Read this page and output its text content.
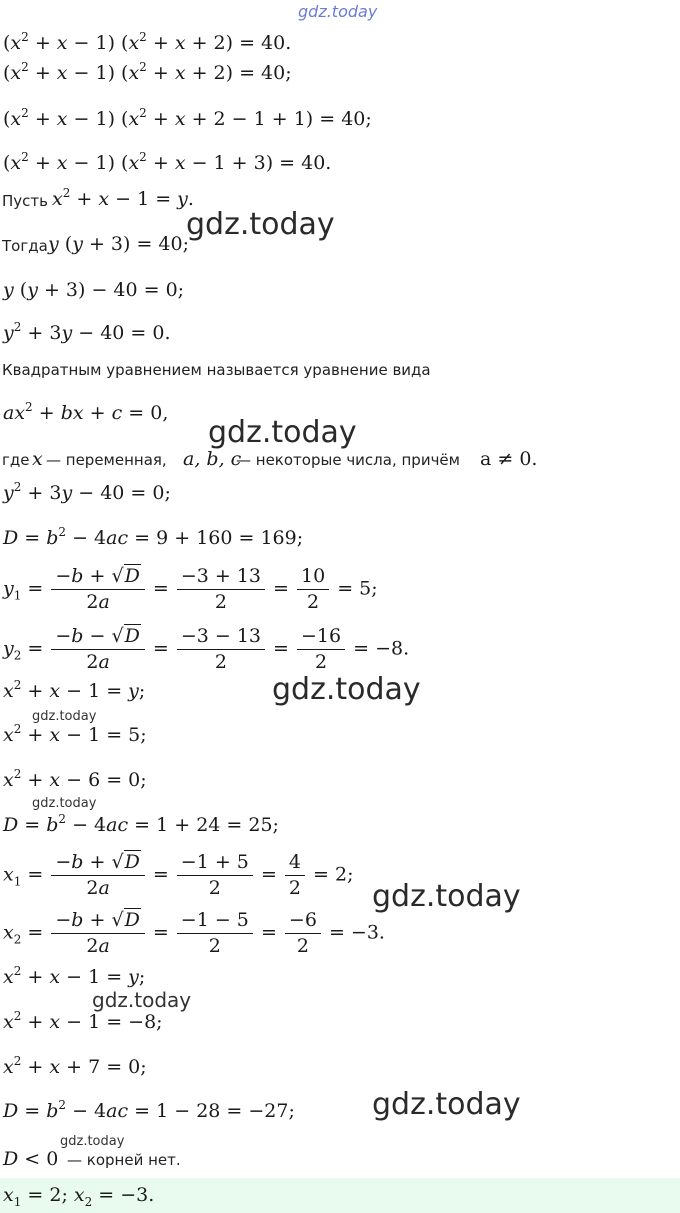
gdz.today
gdz.today
gdz.today
gdz.today
gdz.today
gdz.today
gdz.today
gdz.today
gdz.today
gdz.today
$(x^2 + x - 1) (x^2 + x + 2) = 40$.
$(x^2 + x - 1) (x^2 + x + 2) = 40$;
$(x^2 + x - 1) (x^2 + x + 2 - 1 + 1) = 40$;
$(x^2 + x - 1) (x^2 + x - 1 + 3) = 40$.
Пусть $x^2 + x - 1 = y$.
Тогда y (y + 3) = 40;
y (y + 3) − 40 = 0;
$y^2 + 3y - 40 = 0$.
Квадратным уравнением называется уравнение вида
$ax^2$ + bx + c = 0,
где x — переменная, a, b, c
— некоторые числа, причём a ≠ 0.
$y^2 + 3y - 40 = 0$;
$D = b^2 - 4ac = 9 + 160 = 169$;
$y_1 = \frac{-b + √D}{2a} = \frac{-3 + 13}{2} = \frac{10}{2} = 5$;
$y_2 = \frac{-b - √D}{2a} = \frac{-3 - 13}{2} = \frac{-16}{2} = -8$.
$x^2 + x - 1 = y$;
$x^2 + x - 1 = 5$;
$x^2 + x - 6 = 0$;
$D = b^2 - 4ac = 1 + 24 = 25$;
$x_1 = \frac{-b + √D}{2a} = \frac{-1 + 5}{2} = \frac{4}{2} = 2$;
$x_2 = \frac{-b + √D}{2a} = \frac{-1 - 5}{2} = \frac{-6}{2} = -3$.
$x^2 + x - 1 = y$;
$x^2 + x - 1 = -8$;
$x^2 + x + 7 = 0$;
$D = b^2 - 4ac = 1 - 28 = -27$;
D < 0 — корней нет.
$x_1 = 2$; $x_2 = -3$.
